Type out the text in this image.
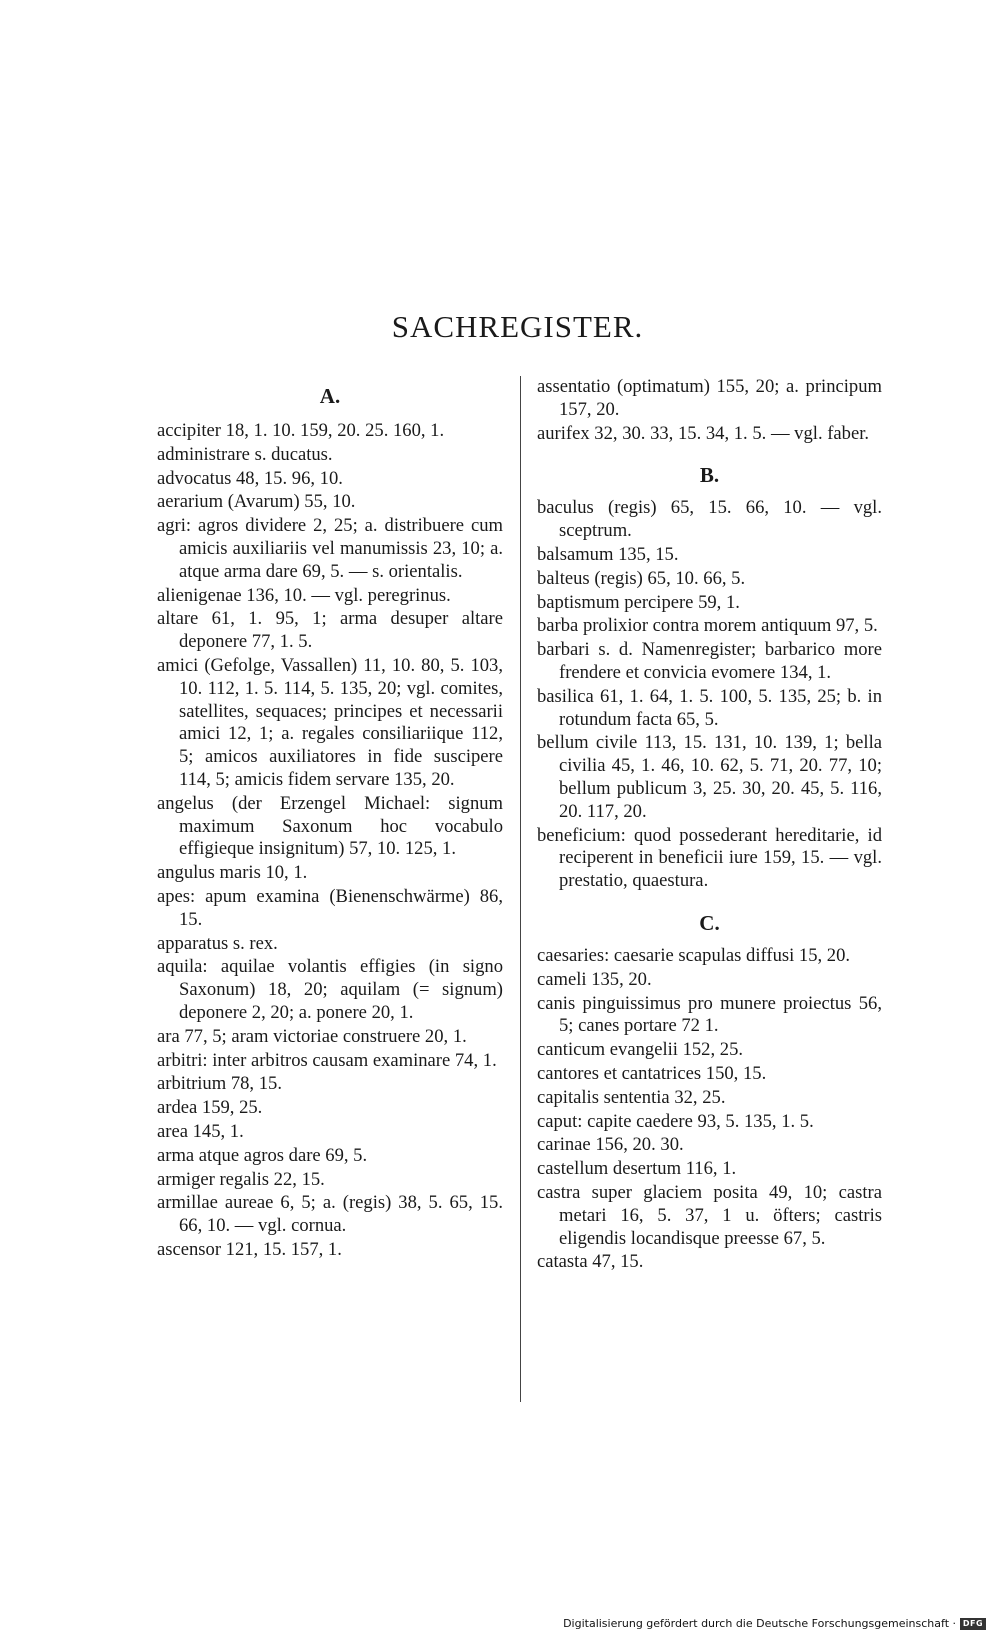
SACHREGISTER.
A.
accipiter 18, 1. 10. 159, 20. 25. 160, 1.
administrare s. ducatus.
advocatus 48, 15. 96, 10.
aerarium (Avarum) 55, 10.
agri: agros dividere 2, 25; a. distribuere cum amicis auxiliariis vel manumissis 23, 10; a. atque arma dare 69, 5. — s. orientalis.
alienigenae 136, 10. — vgl. peregrinus.
altare 61, 1. 95, 1; arma desuper altare deponere 77, 1. 5.
amici (Gefolge, Vassallen) 11, 10. 80, 5. 103, 10. 112, 1. 5. 114, 5. 135, 20; vgl. comites, satellites, sequaces; principes et necessarii amici 12, 1; a. regales consiliariique 112, 5; amicos auxiliatores in fide suscipere 114, 5; amicis fidem servare 135, 20.
angelus (der Erzengel Michael: signum maximum Saxonum hoc vocabulo effigieque insignitum) 57, 10. 125, 1.
angulus maris 10, 1.
apes: apum examina (Bienenschwärme) 86, 15.
apparatus s. rex.
aquila: aquilae volantis effigies (in signo Saxonum) 18, 20; aquilam (= signum) deponere 2, 20; a. ponere 20, 1.
ara 77, 5; aram victoriae construere 20, 1.
arbitri: inter arbitros causam examinare 74, 1.
arbitrium 78, 15.
ardea 159, 25.
area 145, 1.
arma atque agros dare 69, 5.
armiger regalis 22, 15.
armillae aureae 6, 5; a. (regis) 38, 5. 65, 15. 66, 10. — vgl. cornua.
ascensor 121, 15. 157, 1.
assentatio (optimatum) 155, 20; a. principum 157, 20.
aurifex 32, 30. 33, 15. 34, 1. 5. — vgl. faber.
B.
baculus (regis) 65, 15. 66, 10. — vgl. sceptrum.
balsamum 135, 15.
balteus (regis) 65, 10. 66, 5.
baptismum percipere 59, 1.
barba prolixior contra morem antiquum 97, 5.
barbari s. d. Namenregister; barbarico more frendere et convicia evomere 134, 1.
basilica 61, 1. 64, 1. 5. 100, 5. 135, 25; b. in rotundum facta 65, 5.
bellum civile 113, 15. 131, 10. 139, 1; bella civilia 45, 1. 46, 10. 62, 5. 71, 20. 77, 10; bellum publicum 3, 25. 30, 20. 45, 5. 116, 20. 117, 20.
beneficium: quod possederant hereditarie, id reciperent in beneficii iure 159, 15. — vgl. prestatio, quaestura.
C.
caesaries: caesarie scapulas diffusi 15, 20.
cameli 135, 20.
canis pinguissimus pro munere proiectus 56, 5; canes portare 72 1.
canticum evangelii 152, 25.
cantores et cantatrices 150, 15.
capitalis sententia 32, 25.
caput: capite caedere 93, 5. 135, 1. 5.
carinae 156, 20. 30.
castellum desertum 116, 1.
castra super glaciem posita 49, 10; castra metari 16, 5. 37, 1 u. öfters; castris eligendis locandisque preesse 67, 5.
catasta 47, 15.
Digitalisierung gefördert durch die Deutsche Forschungsgemeinschaft · DFG
